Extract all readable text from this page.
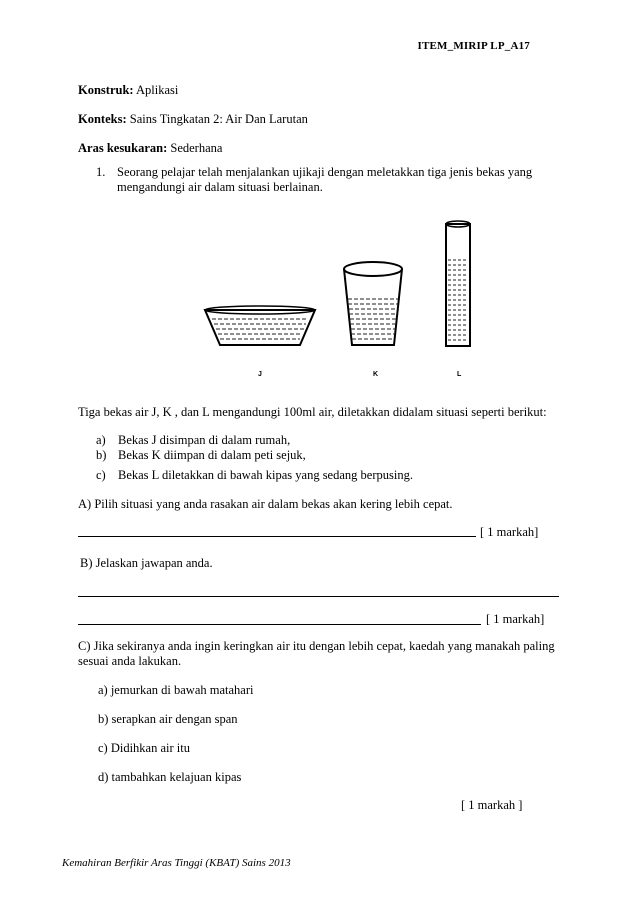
ITEM_MIRIP LP_A17
Konstruk: Aplikasi
Konteks: Sains Tingkatan 2: Air Dan Larutan
Aras kesukaran: Sederhana
1. Seorang pelajar telah menjalankan ujikaji dengan meletakkan tiga jenis bekas yang mengandungi air dalam situasi berlainan.
J	K	L
Tiga bekas air J, K , dan L mengandungi 100ml air, diletakkan didalam situasi seperti berikut:
a) Bekas J disimpan di dalam rumah,
b) Bekas K diimpan di dalam peti sejuk,
c) Bekas L diletakkan di bawah kipas yang sedang berpusing.
A) Pilih situasi yang anda rasakan air dalam bekas akan kering lebih cepat.
[ 1 markah]
B) Jelaskan jawapan anda.
[ 1 markah]
C) Jika sekiranya anda ingin keringkan air itu dengan lebih cepat, kaedah yang manakah paling sesuai anda lakukan.
a) jemurkan di bawah matahari
b) serapkan air dengan span
c) Didihkan air itu
d) tambahkan kelajuan kipas
[ 1 markah ]
Kemahiran Berfikir Aras Tinggi (KBAT) Sains 2013
